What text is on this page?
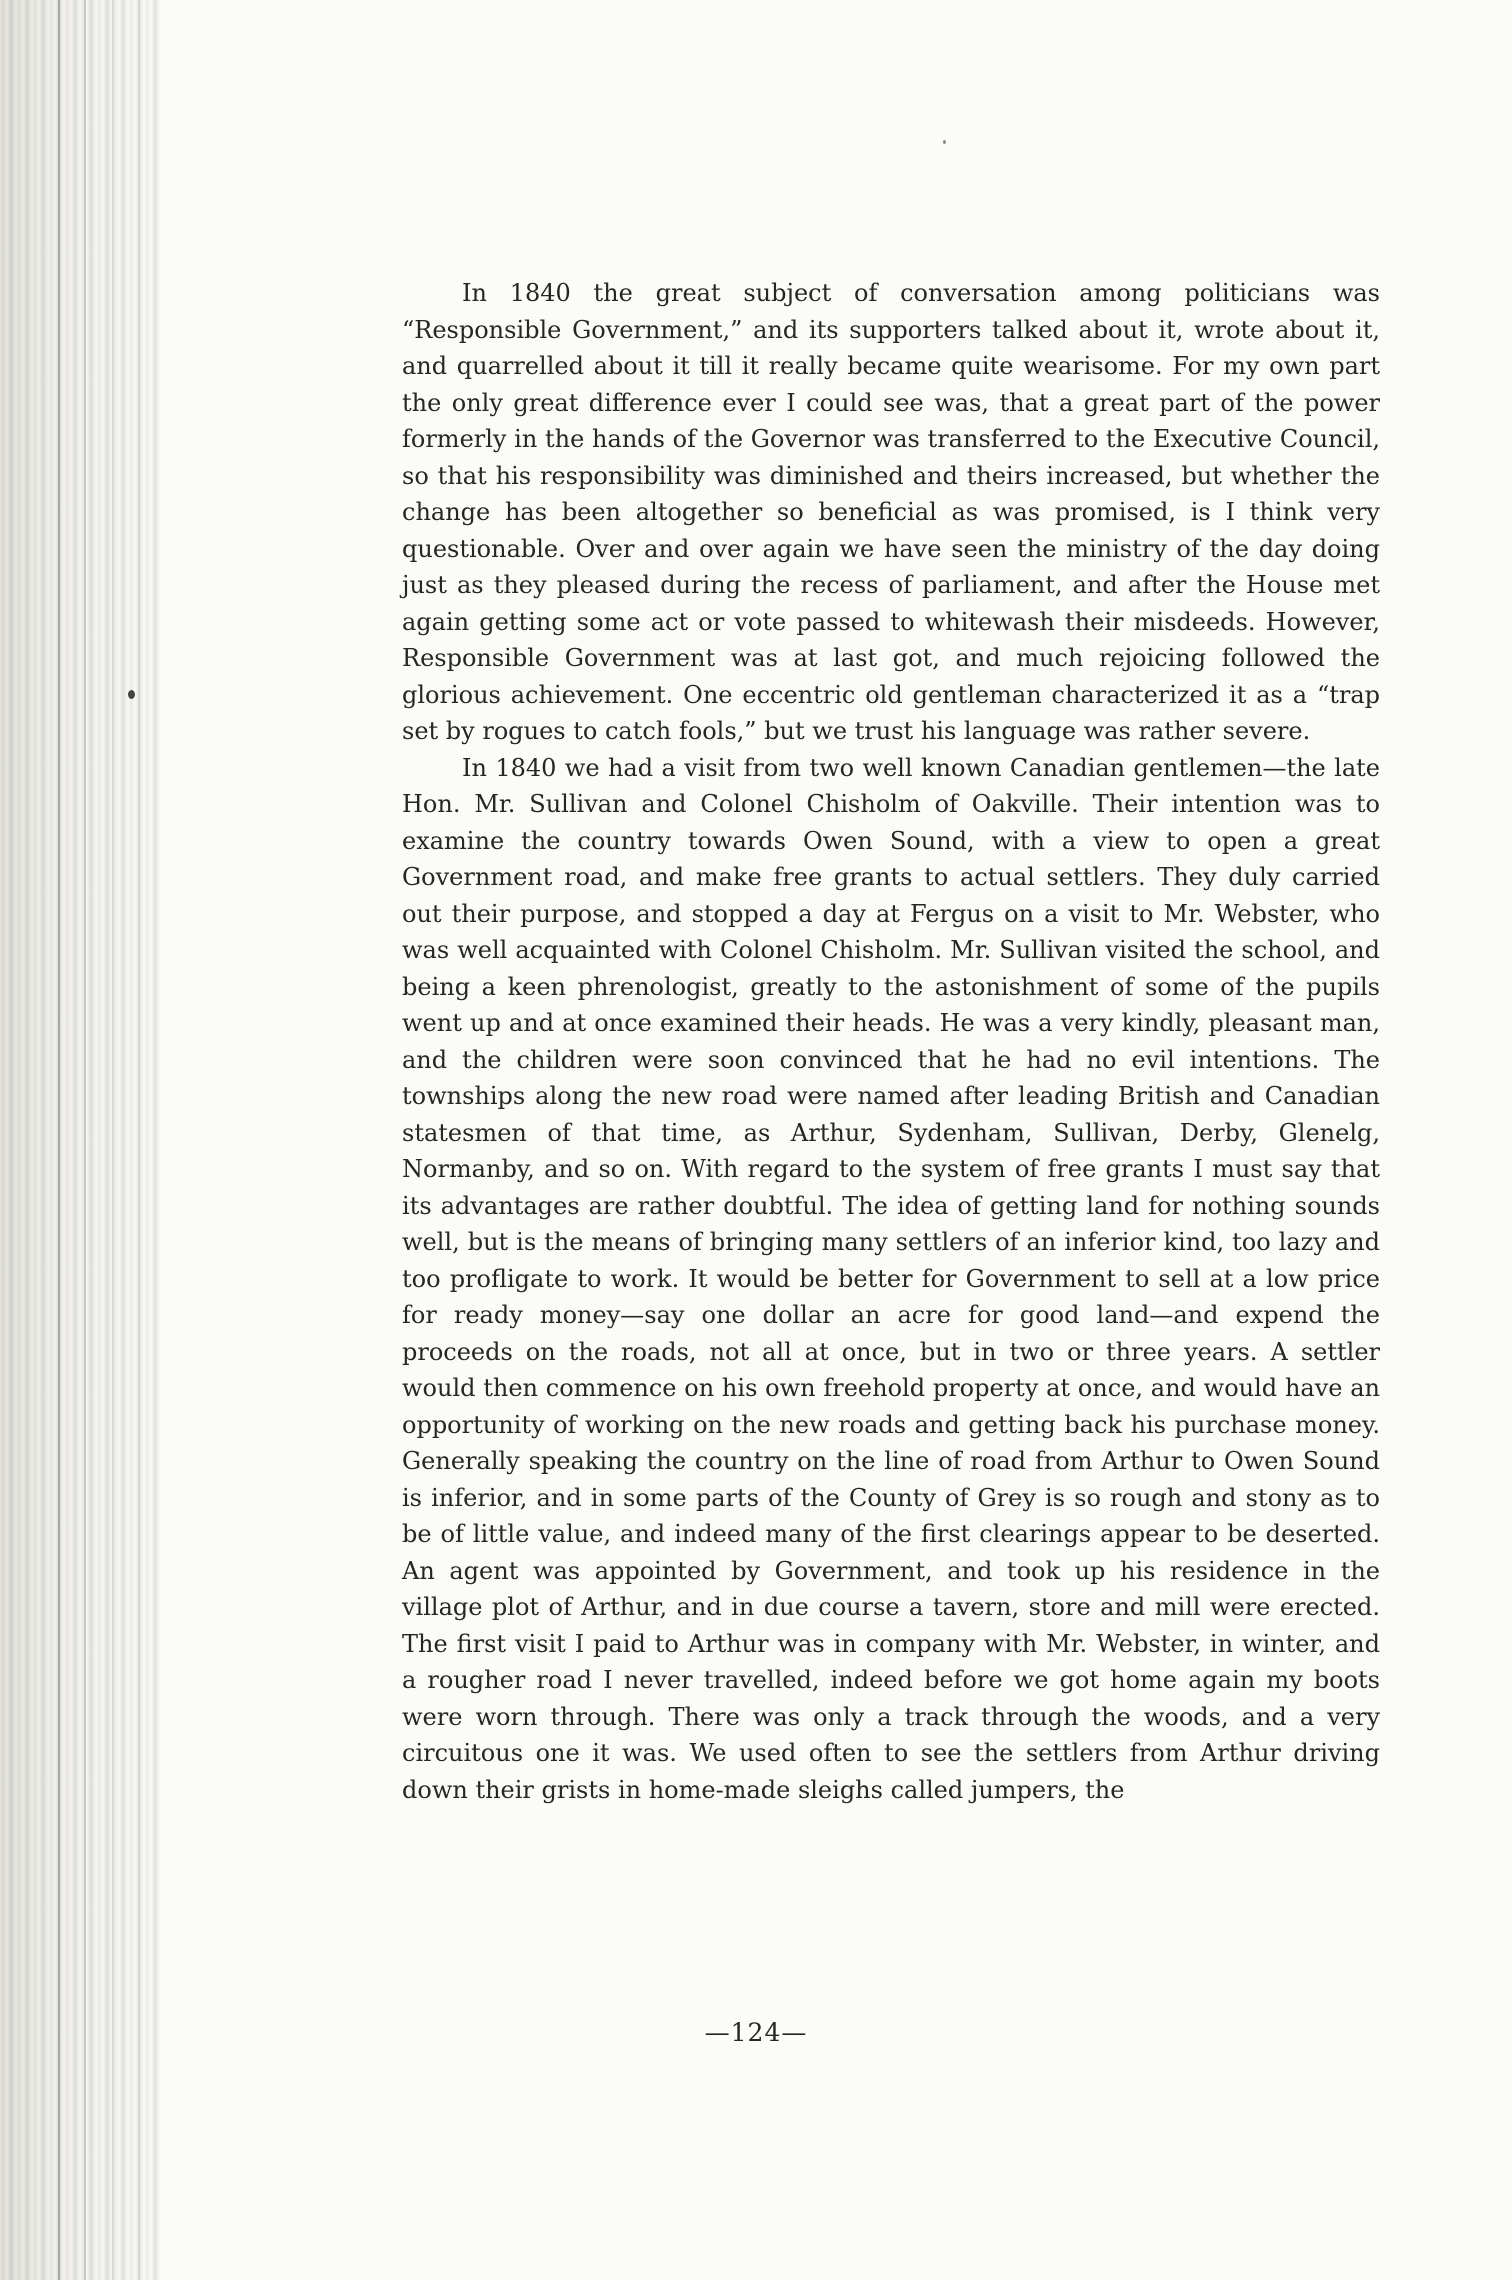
In 1840 the great subject of conversation among politicians was “Responsible Government,” and its supporters talked about it, wrote about it, and quarrelled about it till it really became quite wearisome. For my own part the only great difference ever I could see was, that a great part of the power formerly in the hands of the Governor was transferred to the Executive Council, so that his responsibility was diminished and theirs increased, but whether the change has been altogether so beneficial as was promised, is I think very questionable. Over and over again we have seen the ministry of the day doing just as they pleased during the recess of parliament, and after the House met again getting some act or vote passed to whitewash their misdeeds. However, Responsible Government was at last got, and much rejoicing followed the glorious achievement. One eccentric old gentleman characterized it as a “trap set by rogues to catch fools,” but we trust his language was rather severe.

In 1840 we had a visit from two well known Canadian gentlemen—the late Hon. Mr. Sullivan and Colonel Chisholm of Oakville. Their intention was to examine the country towards Owen Sound, with a view to open a great Government road, and make free grants to actual settlers. They duly carried out their purpose, and stopped a day at Fergus on a visit to Mr. Webster, who was well acquainted with Colonel Chisholm. Mr. Sullivan visited the school, and being a keen phrenologist, greatly to the astonishment of some of the pupils went up and at once examined their heads. He was a very kindly, pleasant man, and the children were soon convinced that he had no evil intentions. The townships along the new road were named after leading British and Canadian statesmen of that time, as Arthur, Sydenham, Sullivan, Derby, Glenelg, Normanby, and so on. With regard to the system of free grants I must say that its advantages are rather doubtful. The idea of getting land for nothing sounds well, but is the means of bringing many settlers of an inferior kind, too lazy and too profligate to work. It would be better for Government to sell at a low price for ready money—say one dollar an acre for good land—and expend the proceeds on the roads, not all at once, but in two or three years. A settler would then commence on his own freehold property at once, and would have an opportunity of working on the new roads and getting back his purchase money. Generally speaking the country on the line of road from Arthur to Owen Sound is inferior, and in some parts of the County of Grey is so rough and stony as to be of little value, and indeed many of the first clearings appear to be deserted. An agent was appointed by Government, and took up his residence in the village plot of Arthur, and in due course a tavern, store and mill were erected. The first visit I paid to Arthur was in company with Mr. Webster, in winter, and a rougher road I never travelled, indeed before we got home again my boots were worn through. There was only a track through the woods, and a very circuitous one it was. We used often to see the settlers from Arthur driving down their grists in home-made sleighs called jumpers, the

—124—
